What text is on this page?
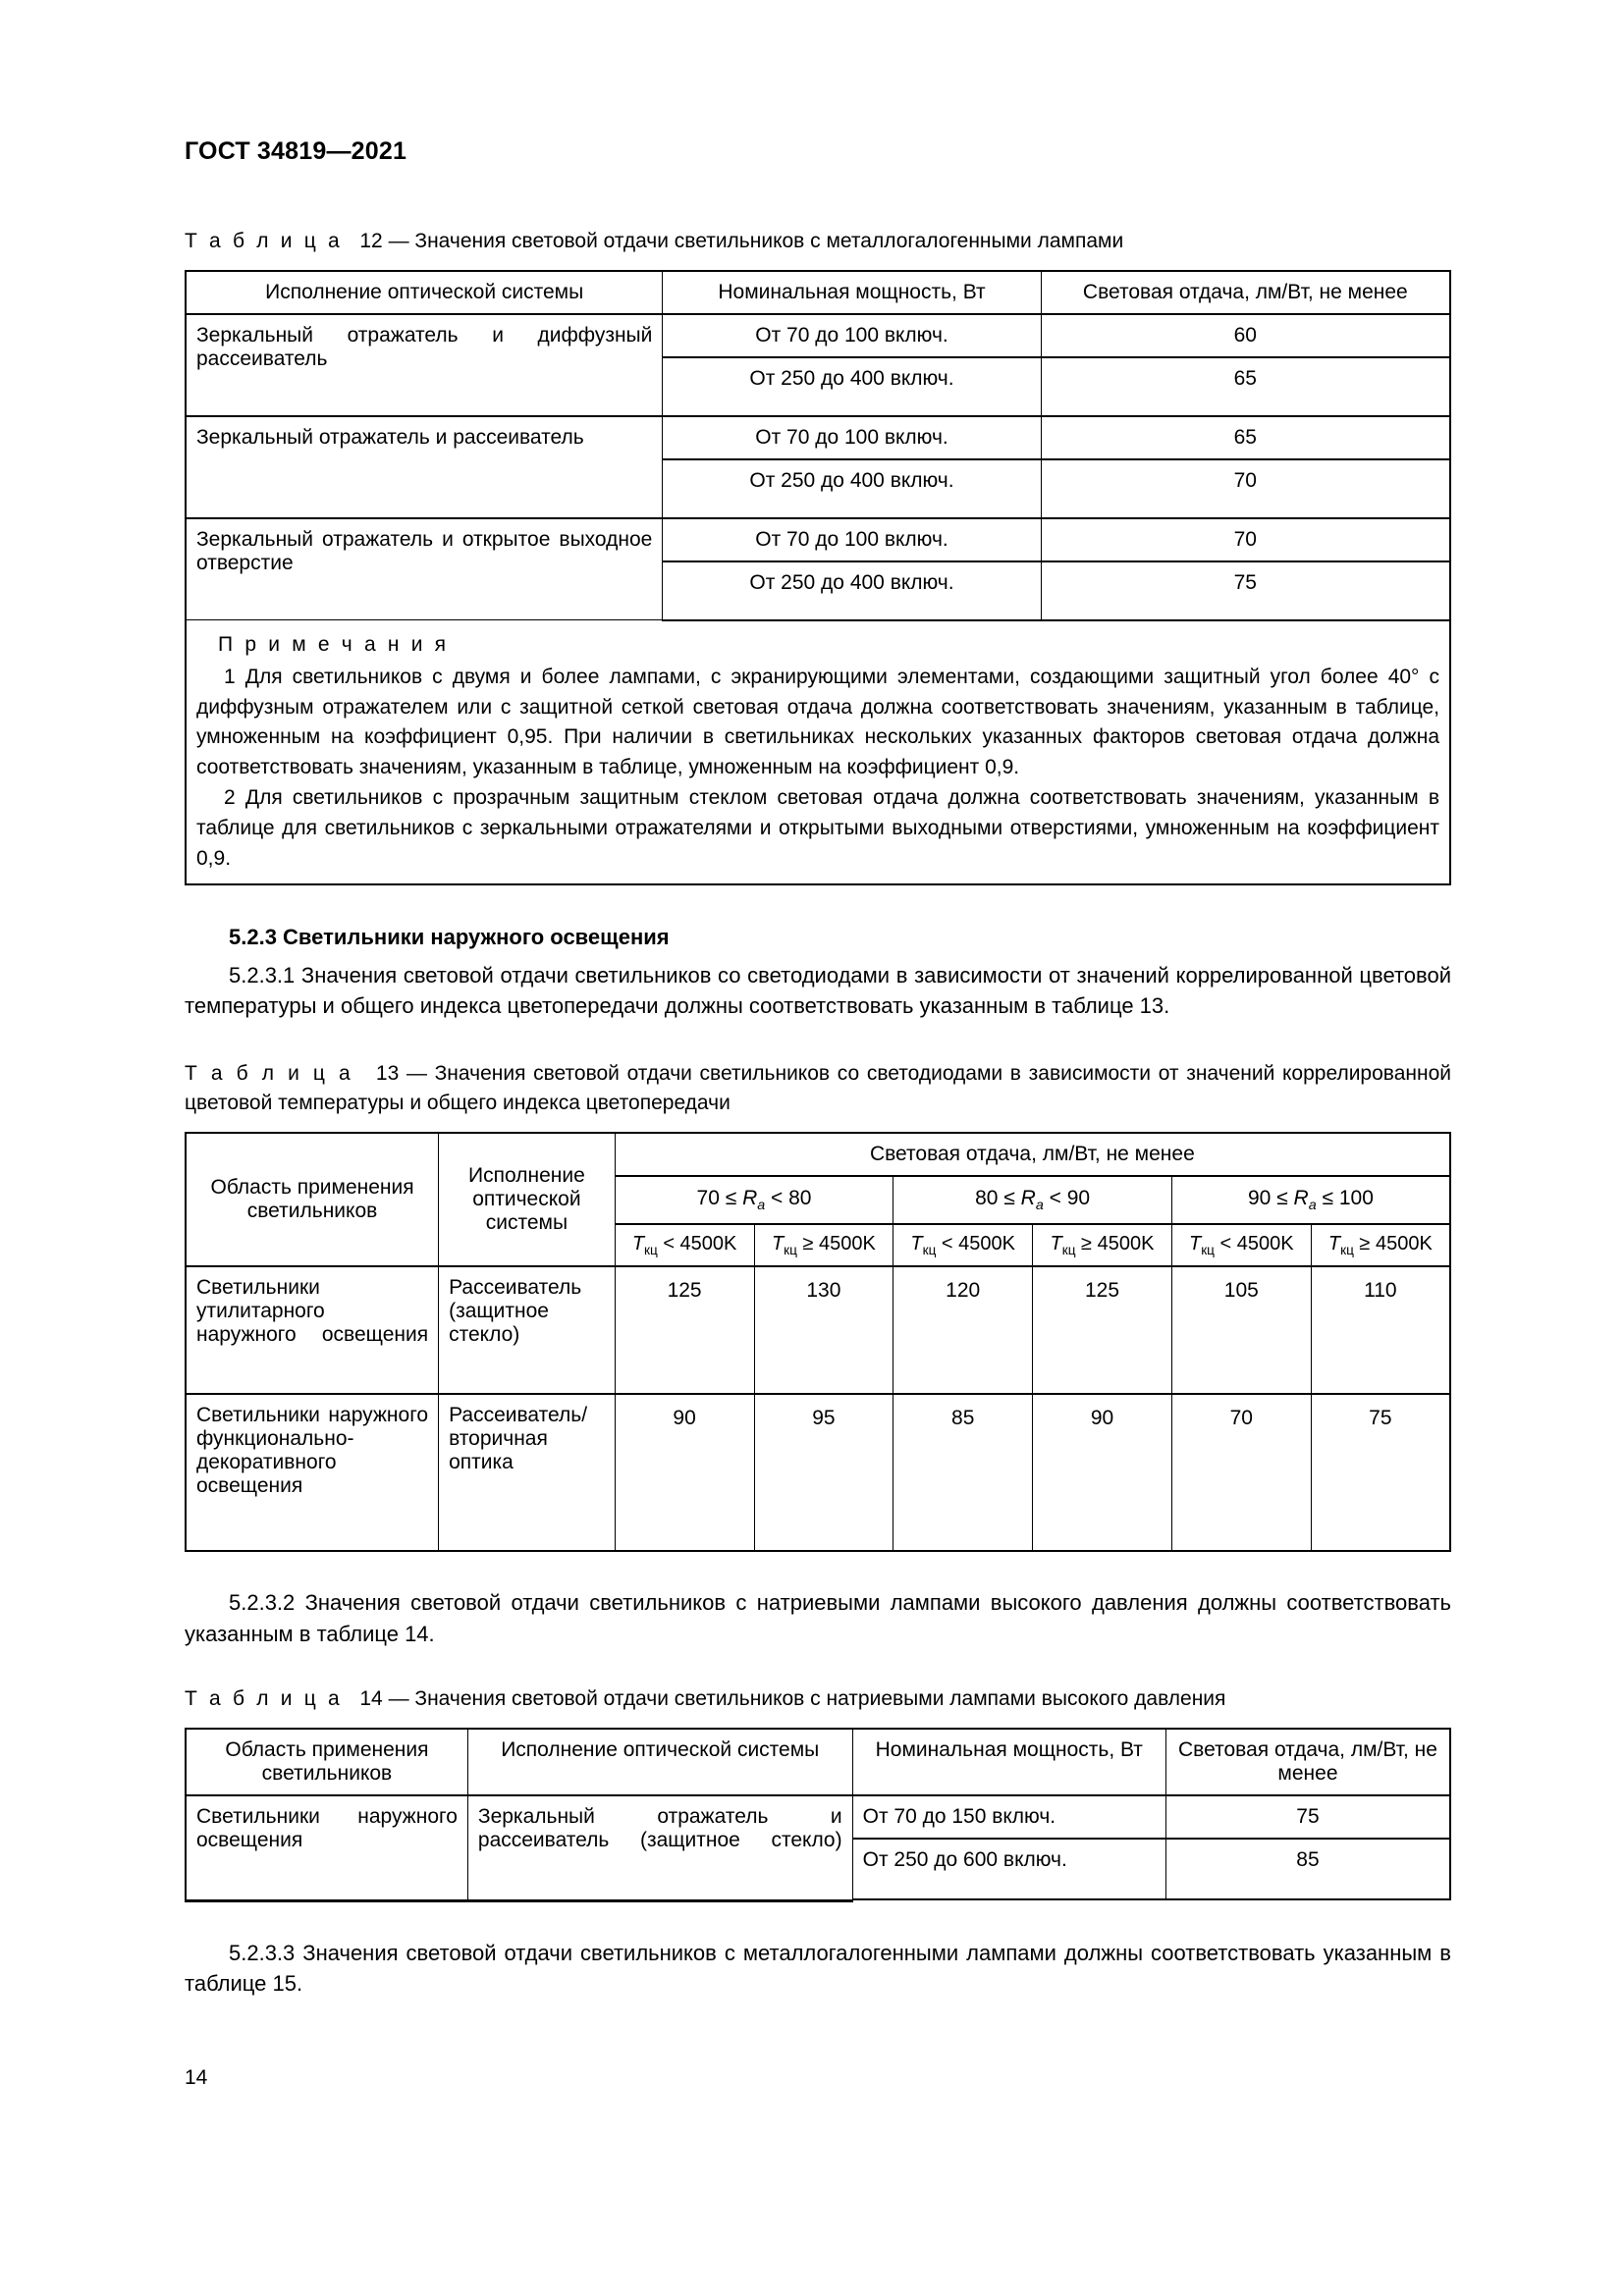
ГОСТ 34819—2021
Т а б л и ц а 12 — Значения световой отдачи светильников с металлогалогенными лампами
Исполнение оптической системы	Номинальная мощность, Вт	Световая отдача, лм/Вт, не менее
Зеркальный отражатель и диффузный рассеиватель	От 70 до 100 включ.	60
	От 250 до 400 включ.	65
Зеркальный отражатель и рассеиватель	От 70 до 100 включ.	65
	От 250 до 400 включ.	70
Зеркальный отражатель и открытое выходное отверстие	От 70 до 100 включ.	70
	От 250 до 400 включ.	75

П р и м е ч а н и я
1 Для светильников с двумя и более лампами, с экранирующими элементами, создающими защитный угол более 40° с диффузным отражателем или с защитной сеткой световая отдача должна соответствовать значениям, указанным в таблице, умноженным на коэффициент 0,95. При наличии в светильниках нескольких указанных факторов световая отдача должна соответствовать значениям, указанным в таблице, умноженным на коэффициент 0,9.
2 Для светильников с прозрачным защитным стеклом световая отдача должна соответствовать значениям, указанным в таблице для светильников с зеркальными отражателями и открытыми выходными отверстиями, умноженным на коэффициент 0,9.		
5.2.3 Светильники наружного освещения

5.2.3.1 Значения световой отдачи светильников со светодиодами в зависимости от значений коррелированной цветовой температуры и общего индекса цветопередачи должны соответствовать указанным в таблице 13.

Т а б л и ц а 13 — Значения световой отдачи светильников со светодиодами в зависимости от значений коррелированной цветовой температуры и общего индекса цветопередачи
Область применения светильников	Исполнение оптической системы	Световая отдача, лм/Вт, не менее					
		$70 \le R_a < 80$		$80 \le R_a < 90$		$90 \le R_a \le 100$	
		$T_{кц} < 4500K$	$T_{кц} \ge 4500K$	$T_{кц} < 4500K$	$T_{кц} \ge 4500K$	$T_{кц} < 4500K$	$T_{кц} \ge 4500K$
Светильники утилитарного наружного освещения	Рассеиватель (защитное стекло)	125	130	120	125	105	110
Светильники наружного функционально-декоративного освещения	Рассеиватель/вторичная оптика	90	95	85	90	70	75

5.2.3.2 Значения световой отдачи светильников с натриевыми лампами высокого давления должны соответствовать указанным в таблице 14.

Т а б л и ц а 14 — Значения световой отдачи светильников с натриевыми лампами высокого давления
Область применения светильников	Исполнение оптической системы	Номинальная мощность, Вт	Световая отдача, лм/Вт, не менее
Светильники наружного освещения	Зеркальный отражатель и рассеиватель (защитное стекло)	От 70 до 150 включ.	75
		От 250 до 600 включ.	85

5.2.3.3 Значения световой отдачи светильников с металлогалогенными лампами должны соответствовать указанным в таблице 15.

14
